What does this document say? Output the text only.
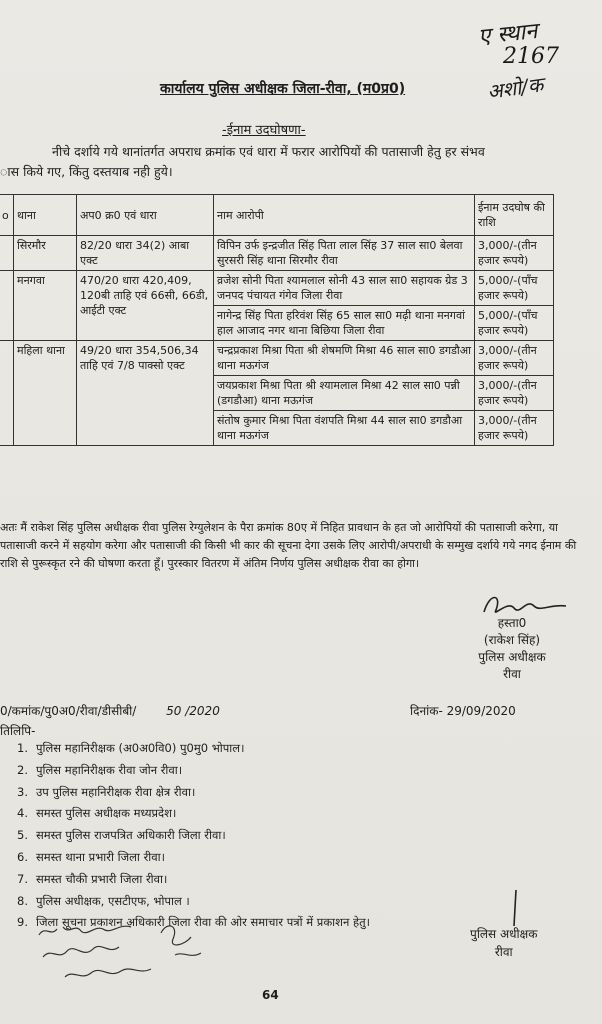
ए स्थान
2167
अशो/क
कार्यालय पुलिस अधीक्षक जिला-रीवा, (म0प्र0)
-ईनाम उदघोषणा-
नीचे दर्शाये गये थानांतर्गत अपराध क्रमांक एवं धारा में फरार आरोपियों की पतासाजी हेतु हर संभव
ास किये गए, किंतु दस्तयाब नही हुये।
o	थाना	अप0 क्र0 एवं धारा	नाम आरोपी	ईनाम उदघोष की राशि
	सिरमौर	82/20 धारा 34(2) आबा एक्ट	विपिन उर्फ इन्द्रजीत सिंह पिता लाल सिंह 37 साल सा0 बेलवा सुरसरी सिंह थाना सिरमौर रीवा	3,000/-(तीन हजार रूपये)
	मनगवा	470/20 धारा 420,409, 120बी ताहि एवं 66सी, 66डी, आईटी एक्ट	व्रजेश सोनी पिता श्यामलाल सोनी 43 साल सा0 सहायक ग्रेड 3 जनपद पंचायत गंगेव जिला रीवा	5,000/-(पाँच हजार रूपये)
			नागेन्द्र सिंह पिता हरिवंश सिंह 65 साल सा0 मढ़ी थाना मनगवां हाल आजाद नगर थाना बिछिया जिला रीवा	5,000/-(पाँच हजार रूपये)
	महिला थाना	49/20 धारा 354,506,34 ताहि एवं 7/8 पाक्सो एक्ट	चन्द्रप्रकाश मिश्रा पिता श्री शेषमणि मिश्रा 46 साल सा0 डगडौआ थाना मऊगंज	3,000/-(तीन हजार रूपये)
			जयप्रकाश मिश्रा पिता श्री श्यामलाल मिश्रा 42 साल सा0 पन्नी (डगडौआ) थाना मऊगंज	3,000/-(तीन हजार रूपये)
			संतोष कुमार मिश्रा पिता वंशपति मिश्रा 44 साल सा0 डगडौआ थाना मऊगंज	3,000/-(तीन हजार रूपये)
अतः मैं राकेश सिंह पुलिस अधीक्षक रीवा पुलिस रेग्युलेशन के पैरा क्रमांक 80ए में निहित प्रावधान के हत जो आरोपियों की पतासाजी करेगा, या पतासाजी करने में सहयोग करेगा और पतासाजी की किसी भी कार की सूचना देगा उसके लिए आरोपी/अपराधी के सम्मुख दर्शाये गये नगद ईनाम की राशि से पुरूस्कृत रने की घोषणा करता हूँ। पुरस्कार वितरण में अंतिम निर्णय पुलिस अधीक्षक रीवा का होगा।
हस्ता0
(राकेश सिंह)
पुलिस अधीक्षक
रीवा
0/कमांक/पु0अ0/रीवा/डीसीबी/ 50 /2020	दिनांक- 29/09/2020
तिलिपि-
1. पुलिस महानिरीक्षक (अ0अ0वि0) पु0मु0 भोपाल।
2. पुलिस महानिरीक्षक रीवा जोन रीवा।
3. उप पुलिस महानिरीक्षक रीवा क्षेत्र रीवा।
4. समस्त पुलिस अधीक्षक मध्यप्रदेश।
5. समस्त पुलिस राजपत्रित अधिकारी जिला रीवा।
6. समस्त थाना प्रभारी जिला रीवा।
7. समस्त चौकी प्रभारी जिला रीवा।
8. पुलिस अधीक्षक, एसटीएफ, भोपाल ।
9. जिला सूचना प्रकाशन अधिकारी जिला रीवा की ओर समाचार पत्रों में प्रकाशन हेतु।
पुलिस अधीक्षक
रीवा
64
